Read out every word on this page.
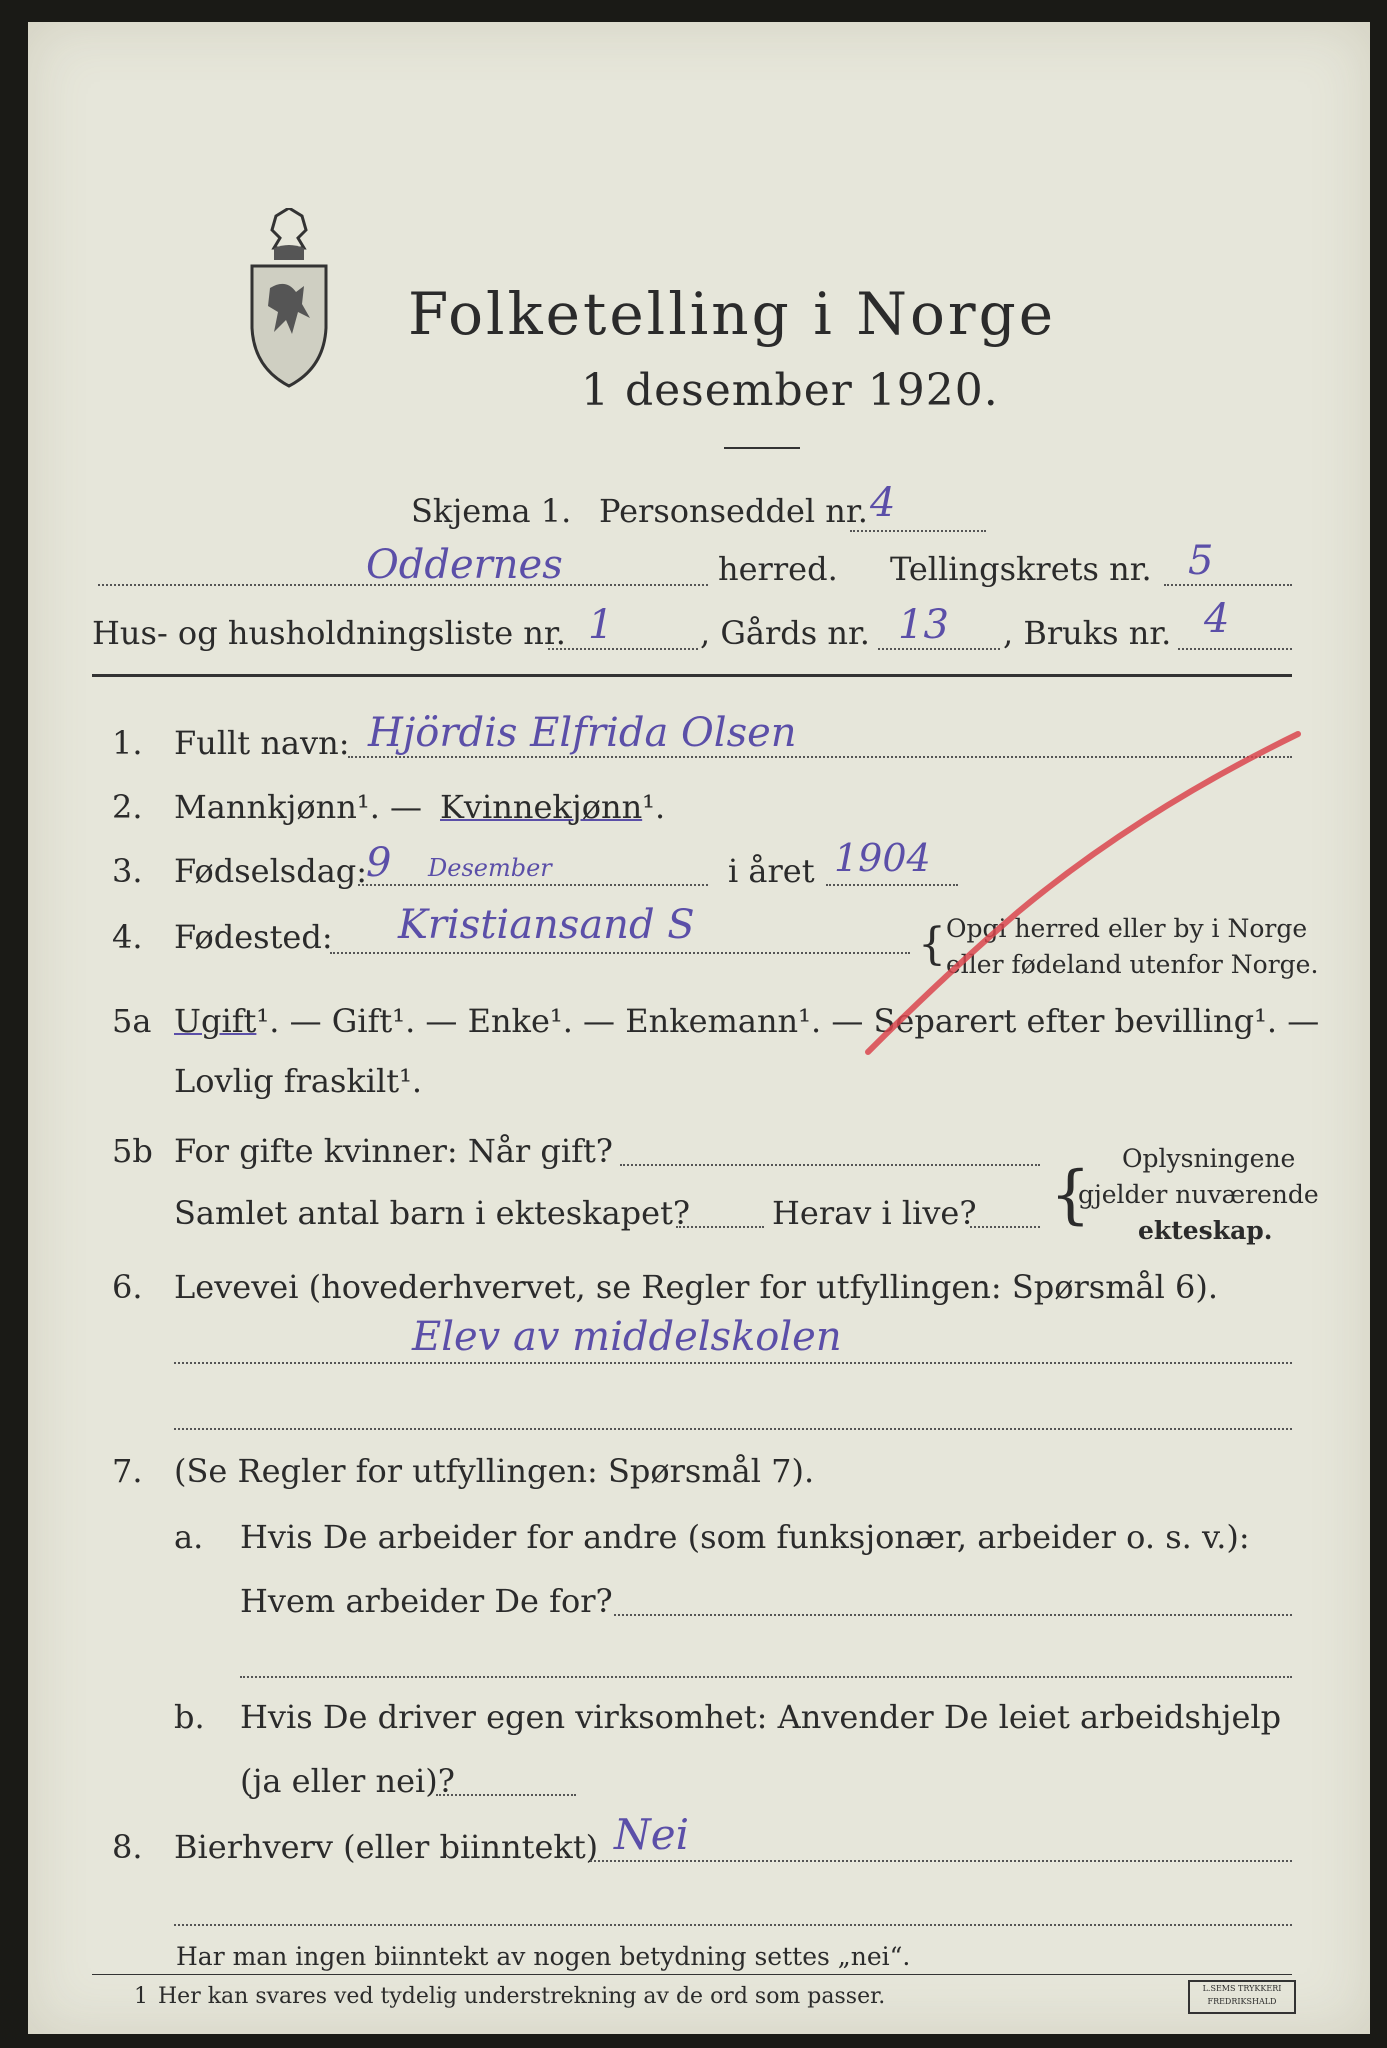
Folketelling i Norge
1 desember 1920.
Skjema 1. Personseddel nr. 4
Oddernes	herred. Tellingskrets nr. 5
Hus- og husholdningsliste nr. 1	, Gårds nr. 13 , Bruks nr. 4
1. Fullt navn: Hjördis Elfrida Olsen
2. Mannkjønn¹. — Kvinnekjønn¹.
3. Fødselsdag:
9 Desember	i året 1904
4. Fødested: Kristiansand S	{ Opgi herred eller by i Norge
eller fødeland utenfor Norge.
5a Ugift¹. — Gift¹. — Enke¹. — Enkemann¹. — Separert efter bevilling¹. —
Lovlig fraskilt¹.
5b For gifte kvinner: Når gift?
Samlet antal barn i ekteskapet?	Herav i live? { Oplysningene
gjelder nuværende
ekteskap.
6. Levevei (hovederhvervet, se Regler for utfyllingen: Spørsmål 6).
Elev av middelskolen
7. (Se Regler for utfyllingen: Spørsmål 7).
a. Hvis De arbeider for andre (som funksjonær, arbeider o. s. v.):
Hvem arbeider De for?
b. Hvis De driver egen virksomhet: Anvender De leiet arbeidshjelp
(ja eller nei)?
8. Bierhverv (eller biinntekt) Nei
Har man ingen biinntekt av nogen betydning settes „nei“.
1 Her kan svares ved tydelig understrekning av de ord som passer.	L.SEMS TRYKKERI FREDRIKSHALD
